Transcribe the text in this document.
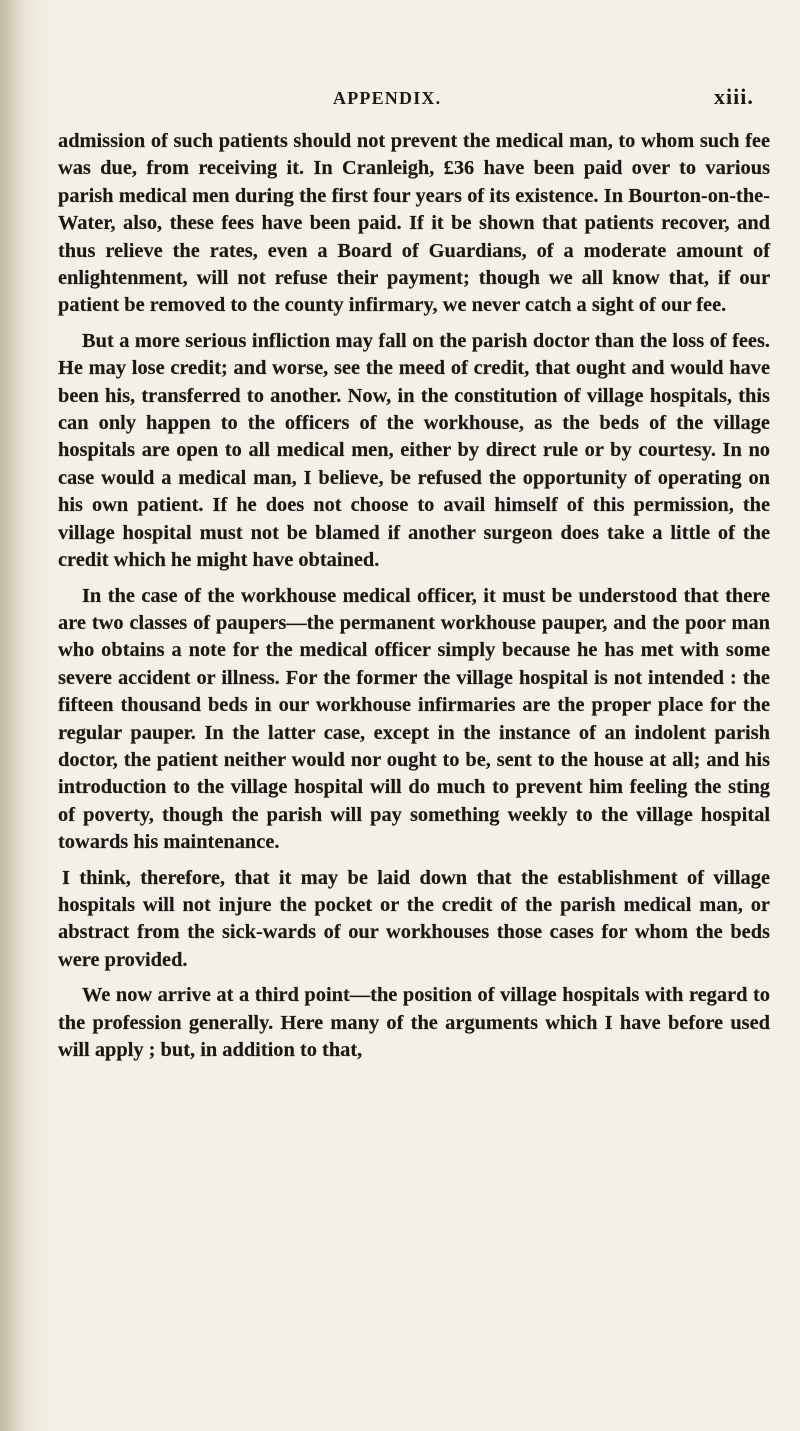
APPENDIX.	xiii.

admission of such patients should not prevent the medical man, to whom such fee was due, from receiving it. In Cranleigh, £36 have been paid over to various parish medical men during the first four years of its existence. In Bourton-on-the-Water, also, these fees have been paid. If it be shown that patients recover, and thus relieve the rates, even a Board of Guardians, of a moderate amount of enlightenment, will not refuse their payment; though we all know that, if our patient be removed to the county infirmary, we never catch a sight of our fee.

But a more serious infliction may fall on the parish doctor than the loss of fees. He may lose credit; and worse, see the meed of credit, that ought and would have been his, transferred to another. Now, in the constitution of village hospitals, this can only happen to the officers of the workhouse, as the beds of the village hospitals are open to all medical men, either by direct rule or by courtesy. In no case would a medical man, I believe, be refused the opportunity of operating on his own patient. If he does not choose to avail himself of this permission, the village hospital must not be blamed if another surgeon does take a little of the credit which he might have obtained.

In the case of the workhouse medical officer, it must be understood that there are two classes of paupers—the permanent workhouse pauper, and the poor man who obtains a note for the medical officer simply because he has met with some severe accident or illness. For the former the village hospital is not intended : the fifteen thousand beds in our workhouse infirmaries are the proper place for the regular pauper. In the latter case, except in the instance of an indolent parish doctor, the patient neither would nor ought to be, sent to the house at all; and his introduction to the village hospital will do much to prevent him feeling the sting of poverty, though the parish will pay something weekly to the village hospital towards his maintenance.

I think, therefore, that it may be laid down that the establishment of village hospitals will not injure the pocket or the credit of the parish medical man, or abstract from the sick-wards of our workhouses those cases for whom the beds were provided.

We now arrive at a third point—the position of village hospitals with regard to the profession generally. Here many of the arguments which I have before used will apply ; but, in addition to that,
